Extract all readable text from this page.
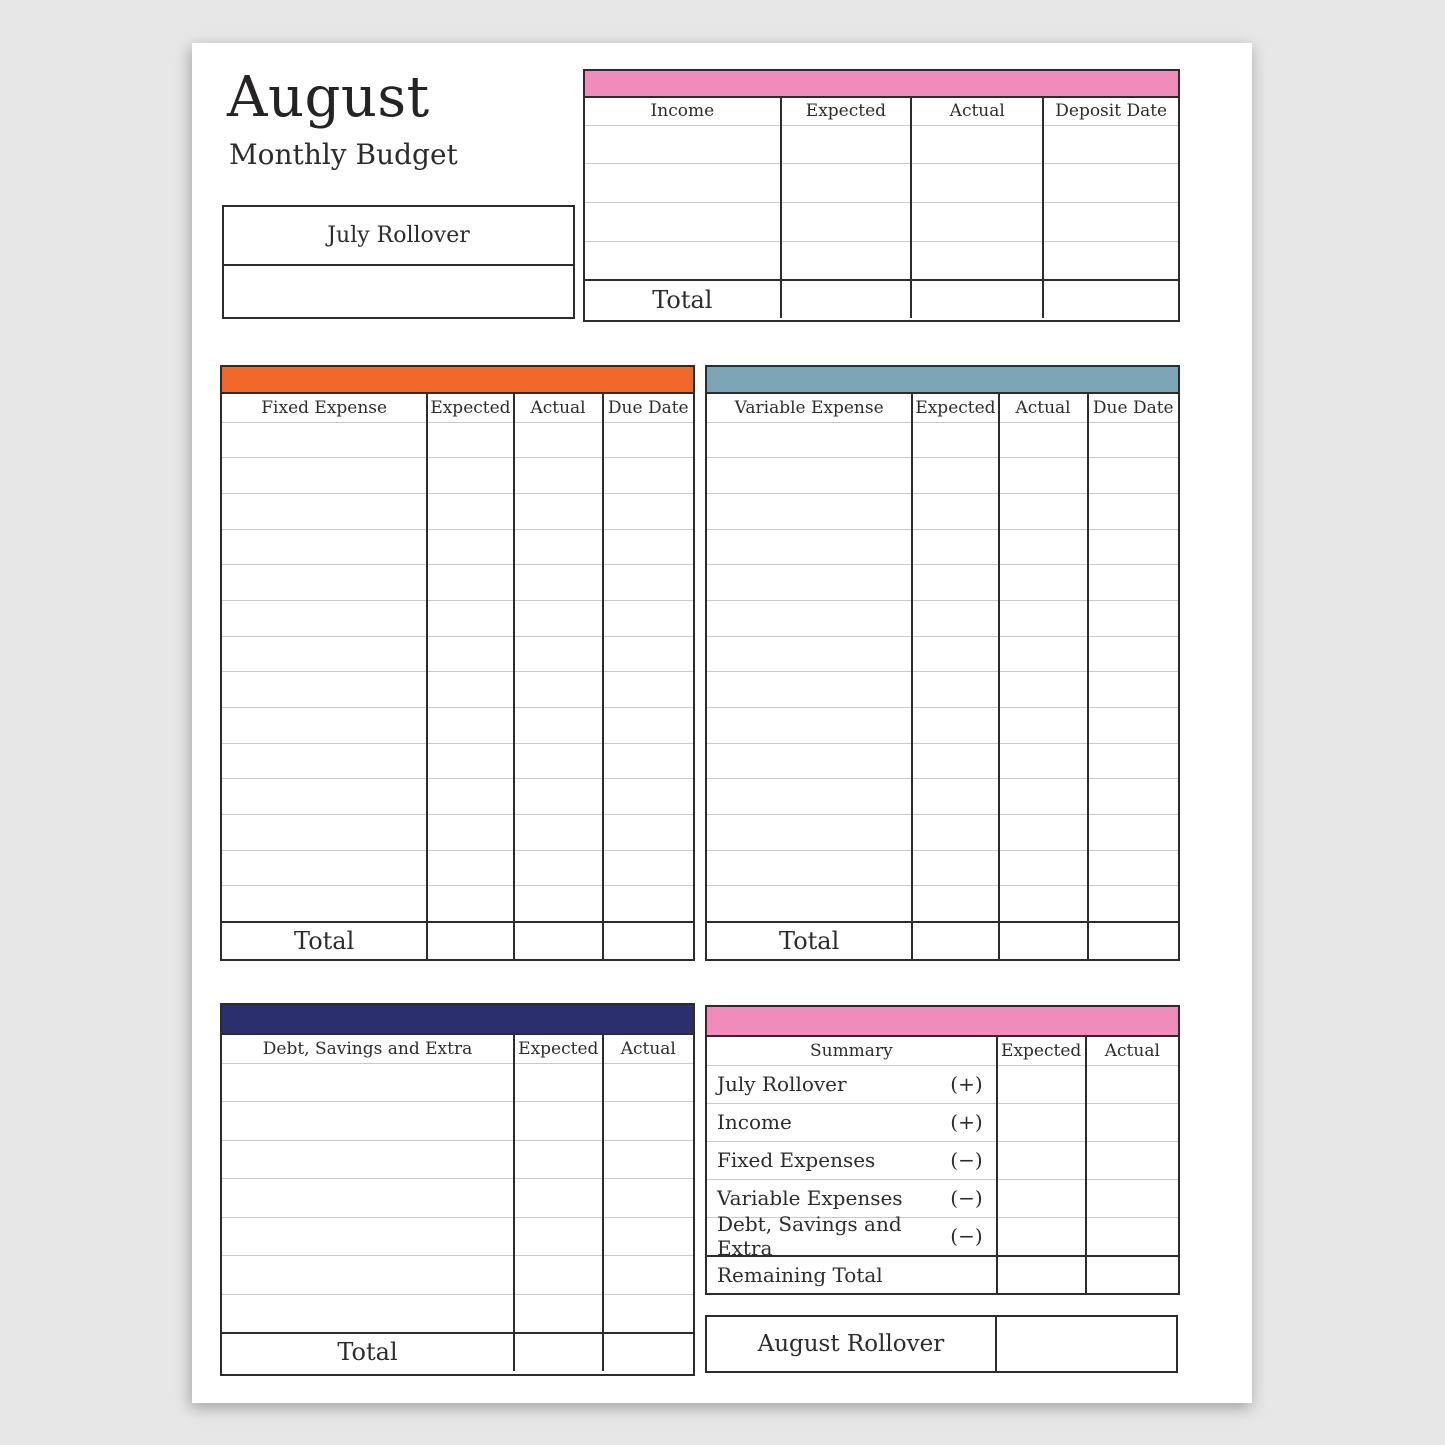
August
Monthly Budget
July Rollover
Income	Expected	Actual	Deposit Date

Total			
Fixed Expense	Expected	Actual	Due Date

Total			
Variable Expense	Expected	Actual	Due Date

Total			
Debt, Savings and Extra	Expected	Actual

Total		
Summary	Expected	Actual

July Rollover (+)		

Income (+)		

Fixed Expenses (−)		

Variable Expenses (−)		

Debt, Savings and Extra (−)		

Remaining Total		
August Rollover
